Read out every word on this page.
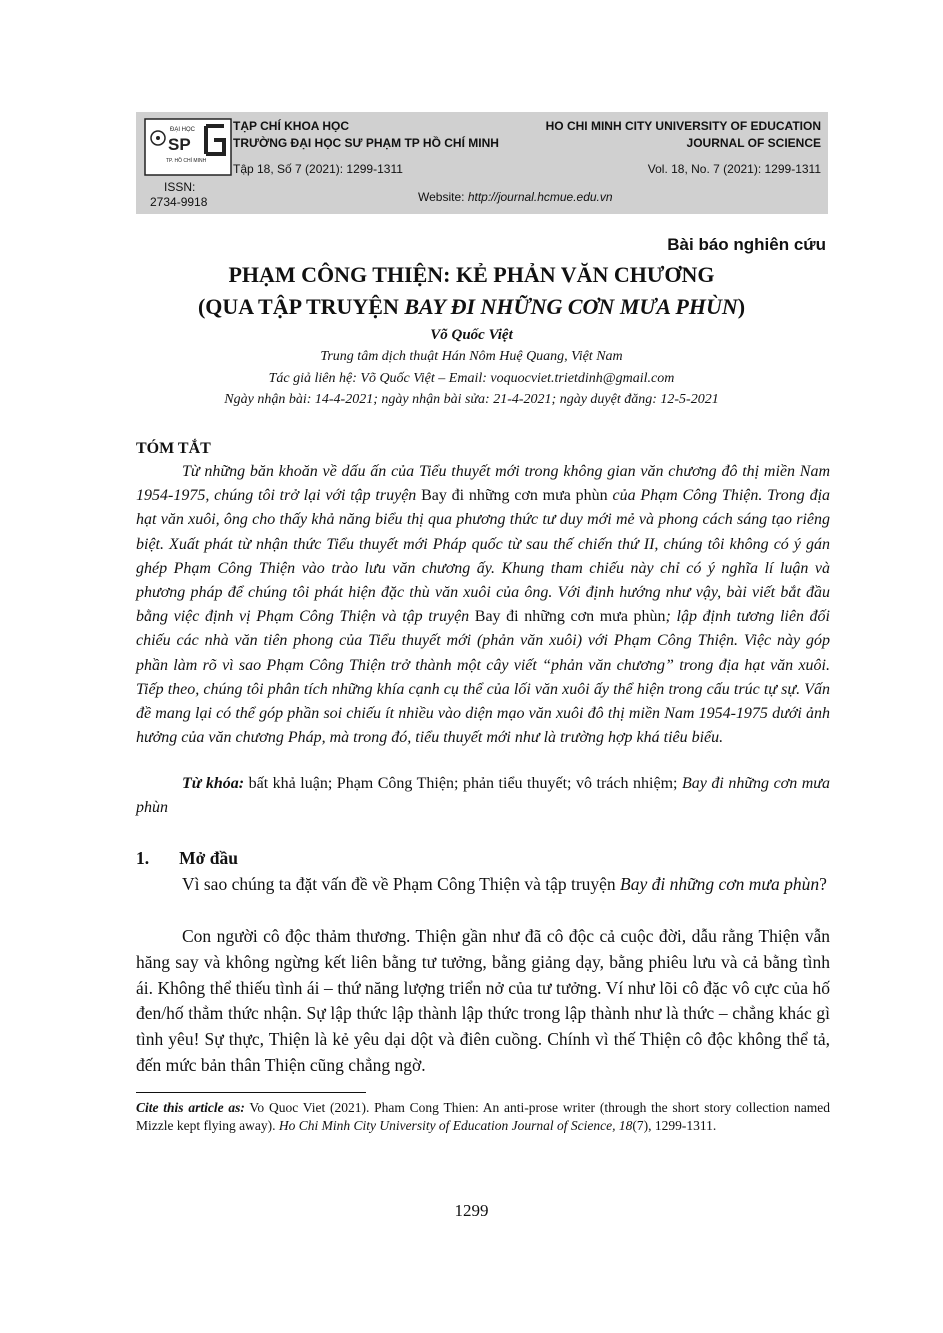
ĐẠI HỌC
SP
TP. HỒ CHÍ MINH
TẠP CHÍ KHOA HỌC
TRƯỜNG ĐẠI HỌC SƯ PHẠM TP HỒ CHÍ MINH
Tập 18, Số 7 (2021): 1299-1311
HO CHI MINH CITY UNIVERSITY OF EDUCATION
JOURNAL OF SCIENCE
Vol. 18, No. 7 (2021): 1299-1311
ISSN:
2734-9918	Website: http://journal.hcmue.edu.vn
Bài báo nghiên cứu
PHẠM CÔNG THIỆN: KẺ PHẢN VĂN CHƯƠNG
(QUA TẬP TRUYỆN BAY ĐI NHỮNG CƠN MƯA PHÙN)
Võ Quốc Việt
Trung tâm dịch thuật Hán Nôm Huệ Quang, Việt Nam
Tác giả liên hệ: Võ Quốc Việt – Email: voquocviet.trietdinh@gmail.com
Ngày nhận bài: 14-4-2021; ngày nhận bài sửa: 21-4-2021; ngày duyệt đăng: 12-5-2021
TÓM TẮT
Từ những băn khoăn về dấu ấn của Tiểu thuyết mới trong không gian văn chương đô thị miền Nam 1954-1975, chúng tôi trở lại với tập truyện Bay đi những cơn mưa phùn của Phạm Công Thiện. Trong địa hạt văn xuôi, ông cho thấy khả năng biểu thị qua phương thức tư duy mới mẻ và phong cách sáng tạo riêng biệt. Xuất phát từ nhận thức Tiểu thuyết mới Pháp quốc từ sau thế chiến thứ II, chúng tôi không có ý gán ghép Phạm Công Thiện vào trào lưu văn chương ấy. Khung tham chiếu này chỉ có ý nghĩa lí luận và phương pháp để chúng tôi phát hiện đặc thù văn xuôi của ông. Với định hướng như vậy, bài viết bắt đầu bằng việc định vị Phạm Công Thiện và tập truyện Bay đi những cơn mưa phùn; lập định tương liên đối chiếu các nhà văn tiên phong của Tiểu thuyết mới (phản văn xuôi) với Phạm Công Thiện. Việc này góp phần làm rõ vì sao Phạm Công Thiện trở thành một cây viết “phản văn chương” trong địa hạt văn xuôi. Tiếp theo, chúng tôi phân tích những khía cạnh cụ thể của lối văn xuôi ấy thể hiện trong cấu trúc tự sự. Vấn đề mang lại có thể góp phần soi chiếu ít nhiều vào diện mạo văn xuôi đô thị miền Nam 1954-1975 dưới ảnh hưởng của văn chương Pháp, mà trong đó, tiểu thuyết mới như là trường hợp khá tiêu biểu.
Từ khóa: bất khả luận; Phạm Công Thiện; phản tiểu thuyết; vô trách nhiệm; Bay đi những cơn mưa phùn
1. Mở đầu
Vì sao chúng ta đặt vấn đề về Phạm Công Thiện và tập truyện Bay đi những cơn mưa phùn?
Con người cô độc thảm thương. Thiện gần như đã cô độc cả cuộc đời, dẫu rằng Thiện vẫn hăng say và không ngừng kết liên bằng tư tưởng, bằng giảng dạy, bằng phiêu lưu và cả bằng tình ái. Không thể thiếu tình ái – thứ năng lượng triển nở của tư tưởng. Ví như lõi cô đặc vô cực của hố đen/hố thẳm thức nhận. Sự lập thức lập thành lập thức trong lập thành như là thức – chẳng khác gì tình yêu! Sự thực, Thiện là kẻ yêu dại dột và điên cuồng. Chính vì thế Thiện cô độc không thể tả, đến mức bản thân Thiện cũng chẳng ngờ.
Cite this article as: Vo Quoc Viet (2021). Pham Cong Thien: An anti-prose writer (through the short story collection named Mizzle kept flying away). Ho Chi Minh City University of Education Journal of Science, 18(7), 1299-1311.
1299
